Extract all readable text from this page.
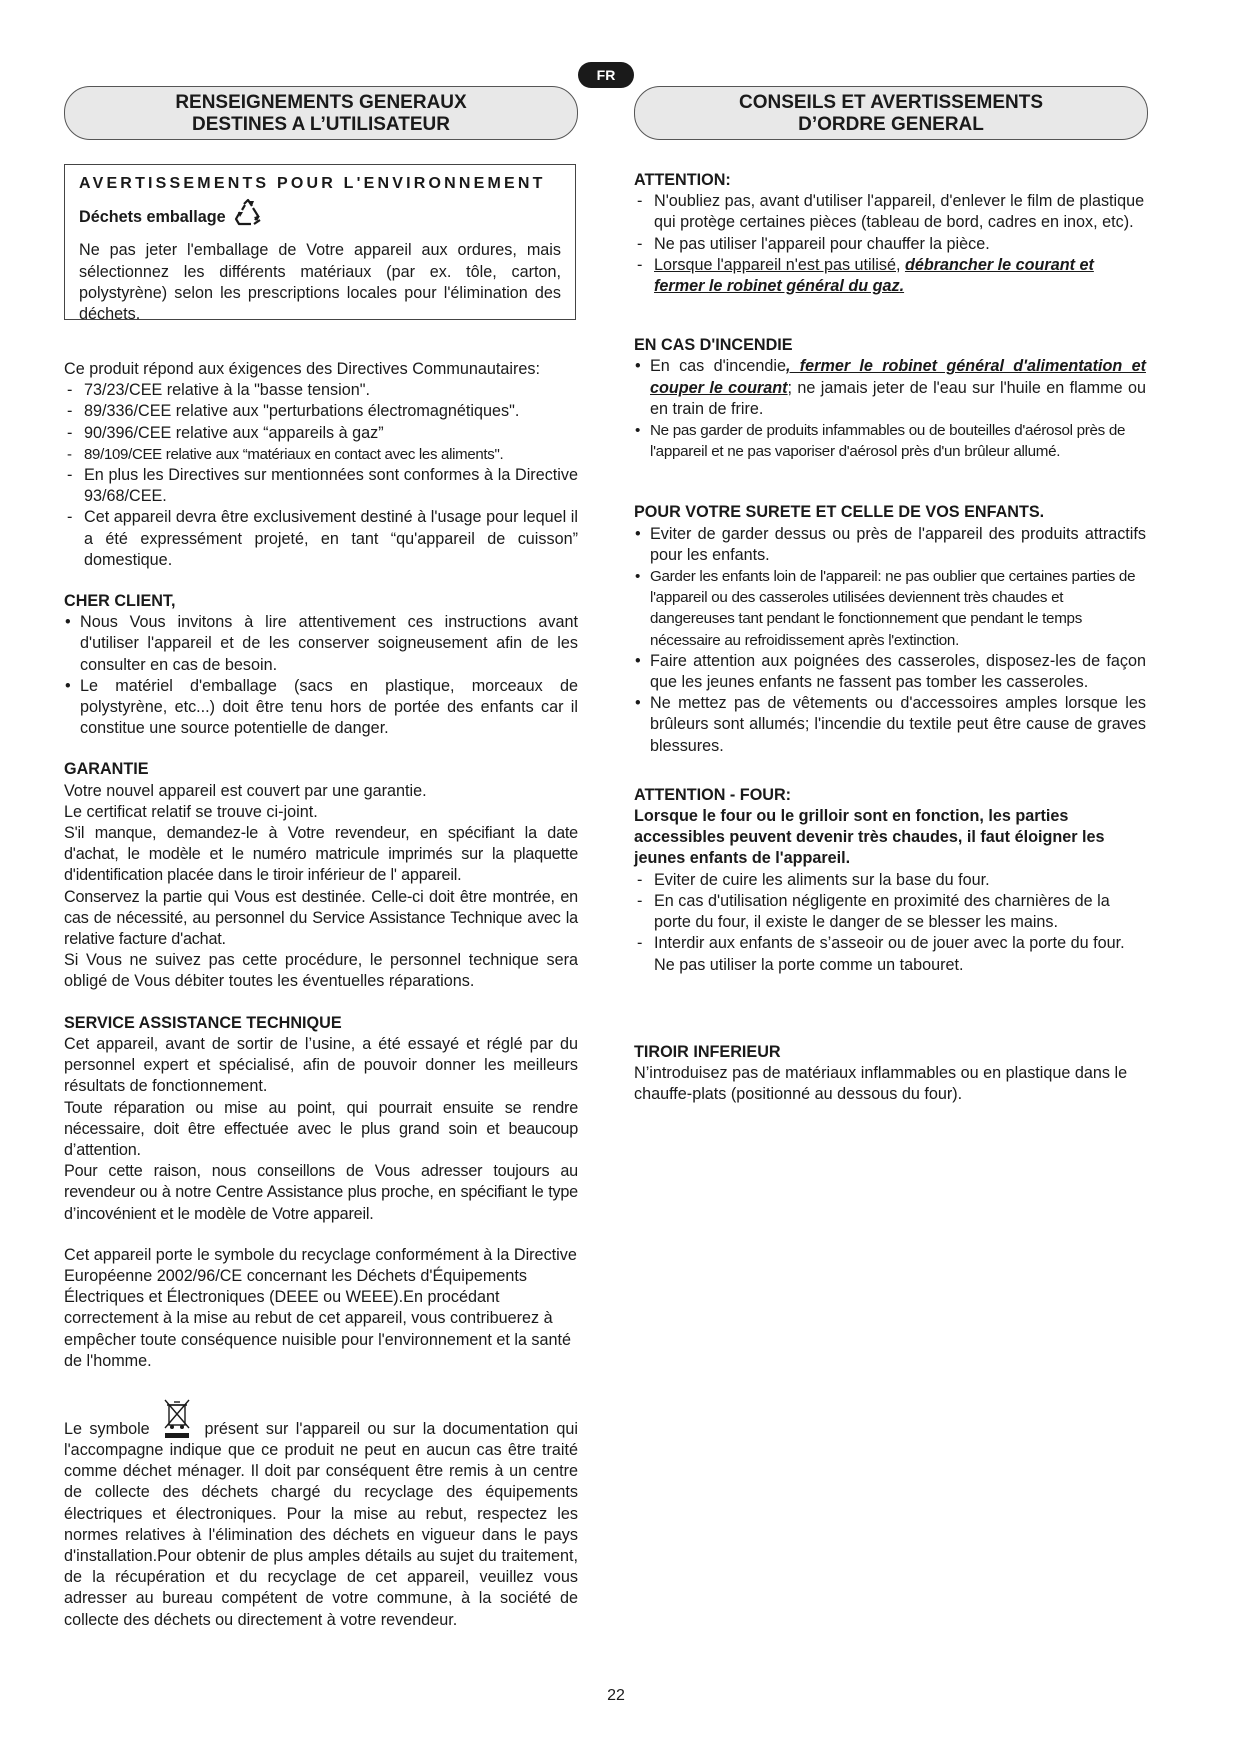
FR
RENSEIGNEMENTS GENERAUX
DESTINES A L’UTILISATEUR
CONSEILS ET AVERTISSEMENTS
D’ORDRE GENERAL
AVERTISSEMENTS POUR L'ENVIRONNEMENT
Déchets emballage

Ne pas jeter l'emballage de Votre appareil aux ordures, mais sélectionnez les différents matériaux (par ex. tôle, carton, polystyrène) selon les prescriptions locales pour l'élimination des déchets.

Ce produit répond aux éxigences des Directives Communautaires:

- 73/23/CEE relative à la "basse tension".
- 89/336/CEE relative aux "perturbations électromagnétiques".
- 90/396/CEE relative aux “appareils à gaz”
- 89/109/CEE relative aux “matériaux en contact avec les aliments".
- En plus les Directives sur mentionnées sont conformes à la Directive 93/68/CEE.
- Cet appareil devra être exclusivement destiné à l'usage pour lequel il a été expressément projeté, en tant “qu'appareil de cuisson” domestique.
CHER CLIENT,
• Nous Vous invitons à lire attentivement ces instructions avant d'utiliser l'appareil et de les conserver soigneusement afin de les consulter en cas de besoin.
• Le matériel d'emballage (sacs en plastique, morceaux de polystyrène, etc...) doit être tenu hors de portée des enfants car il constitue une source potentielle de danger.
GARANTIE

Votre nouvel appareil est couvert par une garantie.

Le certificat relatif se trouve ci-joint.

S'il manque, demandez-le à Votre revendeur, en spécifiant la date d'achat, le modèle et le numéro matricule imprimés sur la plaquette d'identification placée dans le tiroir inférieur de l' appareil.

Conservez la partie qui Vous est destinée. Celle-ci doit être montrée, en cas de nécessité, au personnel du Service Assistance Technique avec la relative facture d'achat.

Si Vous ne suivez pas cette procédure, le personnel technique sera obligé de Vous débiter toutes les éventuelles réparations.

SERVICE ASSISTANCE TECHNIQUE

Cet appareil, avant de sortir de l’usine, a été essayé et réglé par du personnel expert et spécialisé, afin de pouvoir donner les meilleurs résultats de fonctionnement.

Toute réparation ou mise au point, qui pourrait ensuite se rendre nécessaire, doit être effectuée avec le plus grand soin et beaucoup d’attention.

Pour cette raison, nous conseillons de Vous adresser toujours au revendeur ou à notre Centre Assistance plus proche, en spécifiant le type d’incovénient et le modèle de Votre appareil.

Cet appareil porte le symbole du recyclage conformément à la Directive Européenne 2002/96/CE concernant les Déchets d'Équipements Électriques et Électroniques (DEEE ou WEEE).En procédant correctement à la mise au rebut de cet appareil, vous contribuerez à empêcher toute conséquence nuisible pour l'environnement et la santé de l'homme.

Le symbole	présent sur l'appareil ou sur la documentation qui l'accompagne indique que ce produit ne peut en aucun cas être traité comme déchet ménager. Il doit par conséquent être remis à un centre de collecte des déchets chargé du recyclage des équipements électriques et électroniques. Pour la mise au rebut, respectez les normes relatives à l'élimination des déchets en vigueur dans le pays d'installation.Pour obtenir de plus amples détails au sujet du traitement, de la récupération et du recyclage de cet appareil, veuillez vous adresser au bureau compétent de votre commune, à la société de collecte des déchets ou directement à votre revendeur.

ATTENTION:
- N'oubliez pas, avant d'utiliser l'appareil, d'enlever le film de plastique qui protège certaines pièces (tableau de bord, cadres en inox, etc).
- Ne pas utiliser l'appareil pour chauffer la pièce.
- Lorsque l'appareil n'est pas utilisé, débrancher le courant et fermer le robinet général du gaz.
EN CAS D'INCENDIE
• En cas d'incendie, fermer le robinet général d'alimentation et couper le courant; ne jamais jeter de l'eau sur l'huile en flamme ou en train de frire.
• Ne pas garder de produits infammables ou de bouteilles d'aérosol près de l'appareil et ne pas vaporiser d'aérosol près d'un brûleur allumé.
POUR VOTRE SURETE ET CELLE DE VOS ENFANTS.
• Eviter de garder dessus ou près de l'appareil des produits attractifs pour les enfants.
• Garder les enfants loin de l'appareil: ne pas oublier que certaines parties de l'appareil ou des casseroles utilisées deviennent très chaudes et dangereuses tant pendant le fonctionnement que pendant le temps nécessaire au refroidissement après l'extinction.
• Faire attention aux poignées des casseroles, disposez-les de façon que les jeunes enfants ne fassent pas tomber les casseroles.
• Ne mettez pas de vêtements ou d'accessoires amples lorsque les brûleurs sont allumés; l'incendie du textile peut être cause de graves blessures.
ATTENTION - FOUR:

Lorsque le four ou le grilloir sont en fonction, les parties accessibles peuvent devenir très chaudes, il faut éloigner les jeunes enfants de l'appareil.

- Eviter de cuire les aliments sur la base du four.
- En cas d'utilisation négligente en proximité des charnières de la porte du four, il existe le danger de se blesser les mains.
- Interdir aux enfants de s’asseoir ou de jouer avec la porte du four. Ne pas utiliser la porte comme un tabouret.
TIROIR INFERIEUR

N’introduisez pas de matériaux inflammables ou en plastique dans le chauffe-plats (positionné au dessous du four).

22
